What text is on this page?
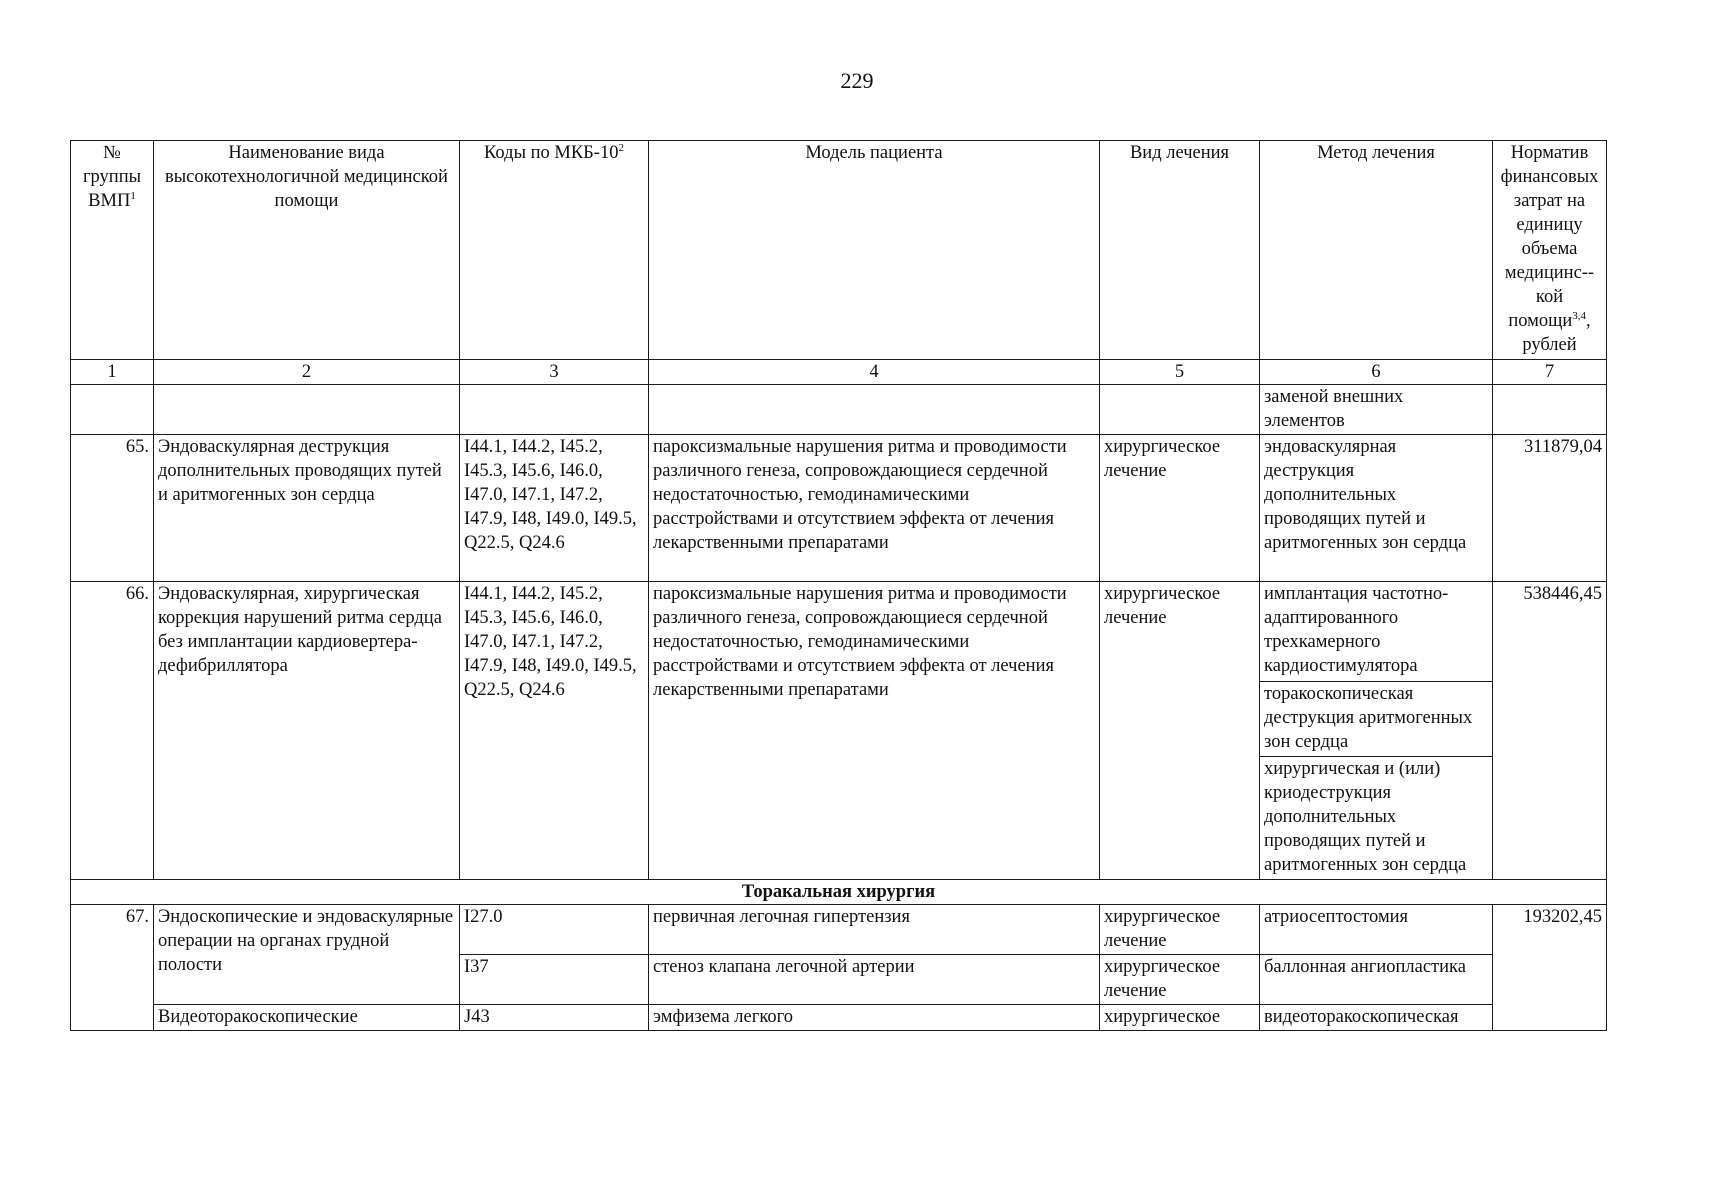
229
№ группы ВМП$^1$	Наименование вида высокотехнологичной медицинской помощи	Коды по МКБ-$10^2$	Модель пациента	Вид лечения	Метод лечения	Норматив финансовых затрат на единицу объема медицинс--кой помощи$^{3,4}$, рублей
1	2	3	4	5	6	7
					заменой внешних элементов	
65.	Эндоваскулярная деструкция дополнительных проводящих путей и аритмогенных зон сердца	I44.1, I44.2, I45.2, I45.3, I45.6, I46.0, I47.0, I47.1, I47.2, I47.9, I48, I49.0, I49.5, Q22.5, Q24.6	пароксизмальные нарушения ритма и проводимости различного генеза, сопровождающиеся сердечной недостаточностью, гемодинамическими расстройствами и отсутствием эффекта от лечения лекарственными препаратами	хирургическое лечение	эндоваскулярная деструкция дополнительных проводящих путей и аритмогенных зон сердца	311879,04
66.	Эндоваскулярная, хирургическая коррекция нарушений ритма сердца без имплантации кардиовертера-дефибриллятора	I44.1, I44.2, I45.2, I45.3, I45.6, I46.0, I47.0, I47.1, I47.2, I47.9, I48, I49.0, I49.5, Q22.5, Q24.6	пароксизмальные нарушения ритма и проводимости различного генеза, сопровождающиеся сердечной недостаточностью, гемодинамическими расстройствами и отсутствием эффекта от лечения лекарственными препаратами	хирургическое лечение	имплантация частотно-адаптированного трехкамерного кардиостимулятора	538446,45
					торакоскопическая деструкция аритмогенных зон сердца	
					хирургическая и (или) криодеструкция дополнительных проводящих путей и аритмогенных зон сердца	
Торакальная хирургия						
67.	Эндоскопические и эндоваскулярные операции на органах грудной полости	I27.0	первичная легочная гипертензия	хирургическое лечение	атриосептостомия	193202,45
		I37	стеноз клапана легочной артерии	хирургическое лечение	баллонная ангиопластика	
	Видеоторакоскопические	J43	эмфизема легкого	хирургическое	видеоторакоскопическая	
